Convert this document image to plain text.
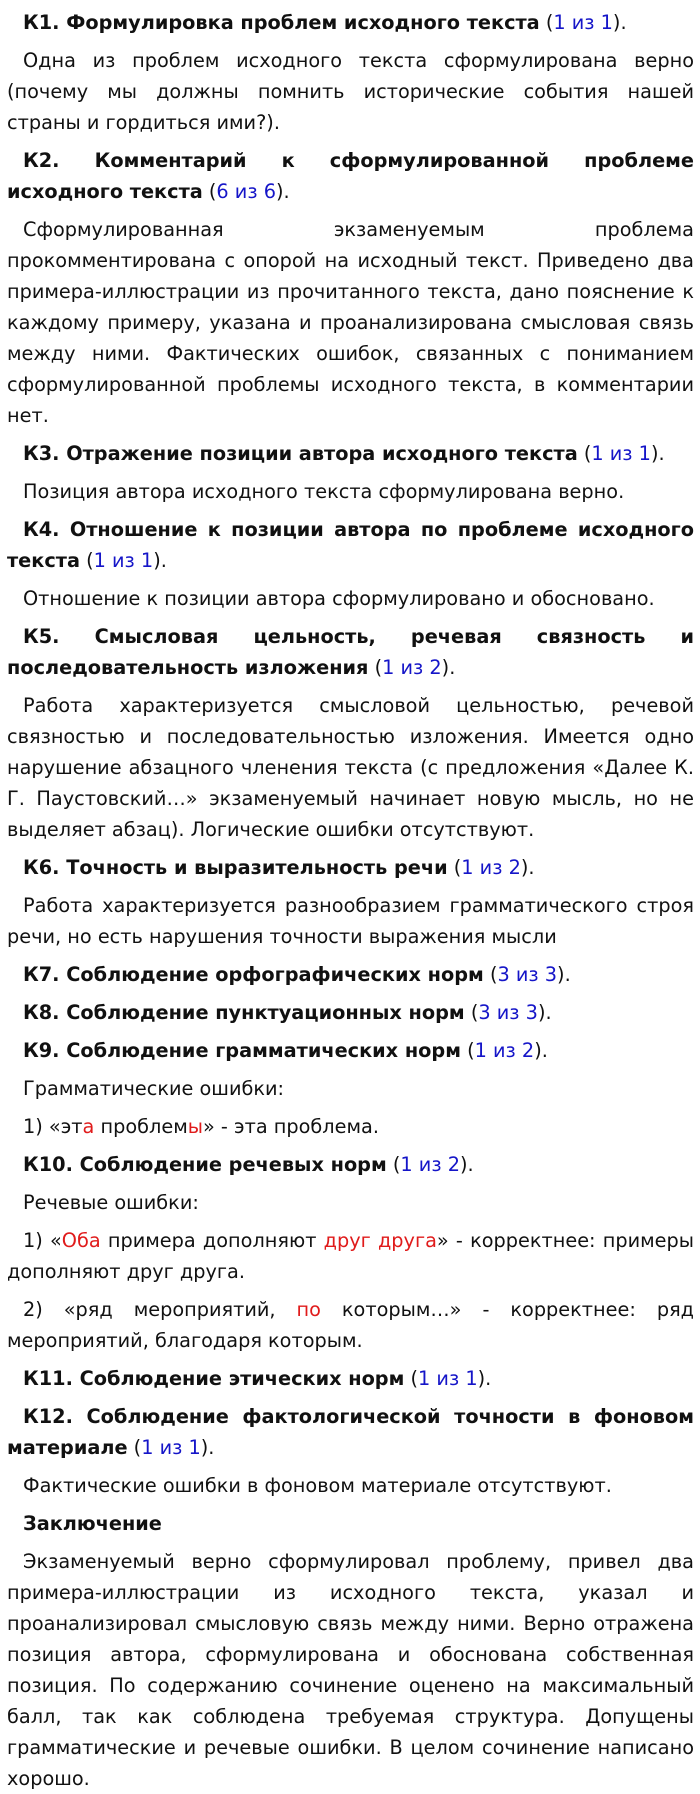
К1. Формулировка проблем исходного текста (1 из 1).

Одна из проблем исходного текста сформулирована верно (почему мы должны помнить исторические события нашей страны и гордиться ими?).

К2. Комментарий к сформулированной проблеме исходного текста (6 из 6).

Сформулированная экзаменуемым проблема прокомментирована с опорой на исходный текст. Приведено два примера-иллюстрации из прочитанного текста, дано пояснение к каждому примеру, указана и проанализирована смысловая связь между ними. Фактических ошибок, связанных с пониманием сформулированной проблемы исходного текста, в комментарии нет.

К3. Отражение позиции автора исходного текста (1 из 1).

Позиция автора исходного текста сформулирована верно.

К4. Отношение к позиции автора по проблеме исходного текста (1 из 1).

Отношение к позиции автора сформулировано и обосновано.

К5. Смысловая цельность, речевая связность и последовательность изложения (1 из 2).

Работа характеризуется смысловой цельностью, речевой связностью и последовательностью изложения. Имеется одно нарушение абзацного членения текста (с предложения «Далее К. Г. Паустовский…» экзаменуемый начинает новую мысль, но не выделяет абзац). Логические ошибки отсутствуют.

К6. Точность и выразительность речи (1 из 2).

Работа характеризуется разнообразием грамматического строя речи, но есть нарушения точности выражения мысли

К7. Соблюдение орфографических норм (3 из 3).

К8. Соблюдение пунктуационных норм (3 из 3).

К9. Соблюдение грамматических норм (1 из 2).

Грамматические ошибки:

1) «эта проблемы» - эта проблема.

К10. Соблюдение речевых норм (1 из 2).

Речевые ошибки:

1) «Оба примера дополняют друг друга» - корректнее: примеры дополняют друг друга.

2) «ряд мероприятий, по которым…» - корректнее: ряд мероприятий, благодаря которым.

К11. Соблюдение этических норм (1 из 1).

К12. Соблюдение фактологической точности в фоновом материале (1 из 1).

Фактические ошибки в фоновом материале отсутствуют.

Заключение

Экзаменуемый верно сформулировал проблему, привел два примера-иллюстрации из исходного текста, указал и проанализировал смысловую связь между ними. Верно отражена позиция автора, сформулирована и обоснована собственная позиция. По содержанию сочинение оценено на максимальный балл, так как соблюдена требуемая структура. Допущены грамматические и речевые ошибки. В целом сочинение написано хорошо.
